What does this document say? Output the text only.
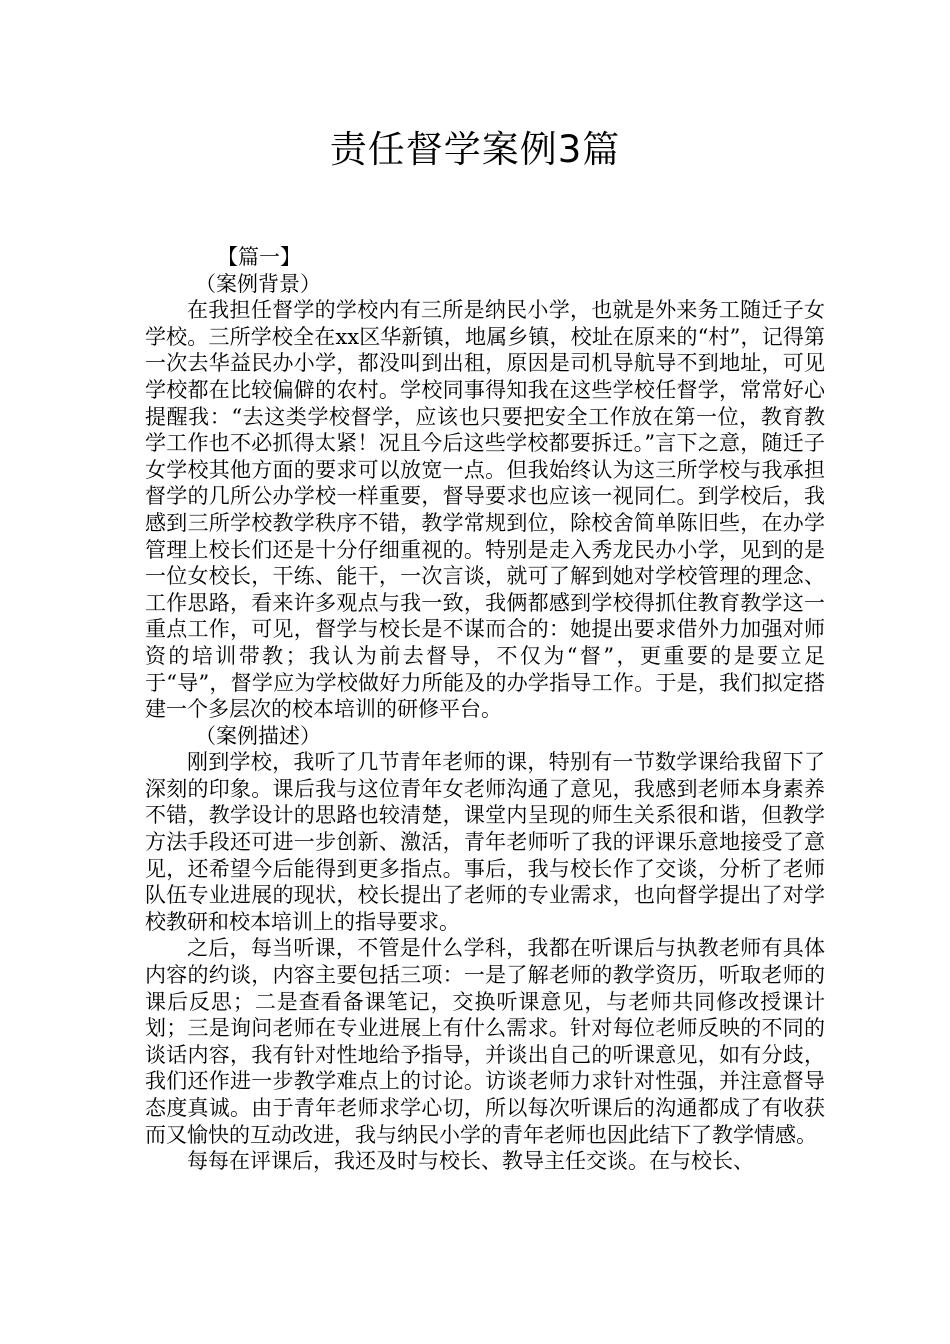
责任督学案例3篇

【篇一】

（案例背景）

在我担任督学的学校内有三所是纳民小学，也就是外来务工随迁子女学校。三所学校全在xx区华新镇，地属乡镇，校址在原来的“村”，记得第一次去华益民办小学，都没叫到出租，原因是司机导航导不到地址，可见学校都在比较偏僻的农村。学校同事得知我在这些学校任督学，常常好心提醒我：“去这类学校督学，应该也只要把安全工作放在第一位，教育教学工作也不必抓得太紧！况且今后这些学校都要拆迁。”言下之意，随迁子女学校其他方面的要求可以放宽一点。但我始终认为这三所学校与我承担督学的几所公办学校一样重要，督导要求也应该一视同仁。到学校后，我感到三所学校教学秩序不错，教学常规到位，除校舍简单陈旧些，在办学管理上校长们还是十分仔细重视的。特别是走入秀龙民办小学，见到的是一位女校长，干练、能干，一次言谈，就可了解到她对学校管理的理念、工作思路，看来许多观点与我一致，我俩都感到学校得抓住教育教学这一重点工作，可见，督学与校长是不谋而合的：她提出要求借外力加强对师资的培训带教；我认为前去督导，不仅为“督”，更重要的是要立足于“导”，督学应为学校做好力所能及的办学指导工作。于是，我们拟定搭建一个多层次的校本培训的研修平台。

（案例描述）

刚到学校，我听了几节青年老师的课，特别有一节数学课给我留下了深刻的印象。课后我与这位青年女老师沟通了意见，我感到老师本身素养不错，教学设计的思路也较清楚，课堂内呈现的师生关系很和谐，但教学方法手段还可进一步创新、激活，青年老师听了我的评课乐意地接受了意见，还希望今后能得到更多指点。事后，我与校长作了交谈，分析了老师队伍专业进展的现状，校长提出了老师的专业需求，也向督学提出了对学校教研和校本培训上的指导要求。

之后，每当听课，不管是什么学科，我都在听课后与执教老师有具体内容的约谈，内容主要包括三项：一是了解老师的教学资历，听取老师的课后反思；二是查看备课笔记，交换听课意见，与老师共同修改授课计划；三是询问老师在专业进展上有什么需求。针对每位老师反映的不同的谈话内容，我有针对性地给予指导，并谈出自己的听课意见，如有分歧，我们还作进一步教学难点上的讨论。访谈老师力求针对性强，并注意督导态度真诚。由于青年老师求学心切，所以每次听课后的沟通都成了有收获而又愉快的互动改进，我与纳民小学的青年老师也因此结下了教学情感。

每每在评课后，我还及时与校长、教导主任交谈。在与校长、
